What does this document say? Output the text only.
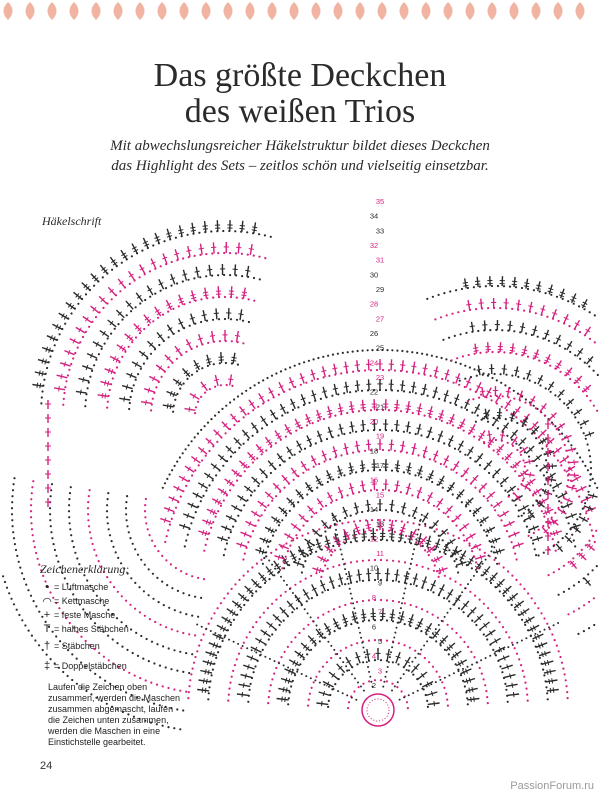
Das größte Deckchen
des weißen Trios
Mit abwechslungsreicher Häkelstruktur bildet dieses Deckchen
das Highlight des Sets – zeitlos schön und vielseitig einsetzbar.
Häkelschrift
2
3
4
5
6
7
8
9
10
11
12
13
14
15
16
17
18
19
20
21
22
23
24
25
26
27
28
29
30
31
32
33
34
35
Zeichenerklärung:
• = Luftmasche
◠ = Kettmasche
+ = feste Masche
T = halbes Stäbchen
† = Stäbchen
‡ = Doppelstäbchen
Laufen die Zeichen oben
zusammen, werden die Maschen
zusammen abgemascht, laufen
die Zeichen unten zusammen,
werden die Maschen in eine
Einstichstelle gearbeitet.
24
PassionForum.ru
